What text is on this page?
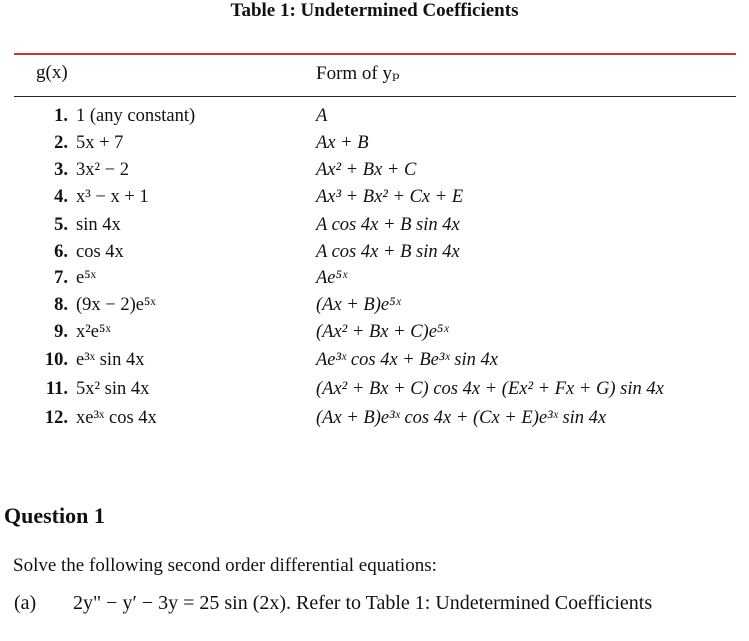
Table 1: Undetermined Coefficients
g(x)	Form of yₚ
1. 1 (any constant)	A
2. 5x + 7	Ax + B
3. 3x² − 2	Ax² + Bx + C
4. x³ − x + 1	Ax³ + Bx² + Cx + E
5. sin 4x	A cos 4x + B sin 4x
6. cos 4x	A cos 4x + B sin 4x
7. e⁵ˣ	Ae⁵ˣ
8. (9x − 2)e⁵ˣ	(Ax + B)e⁵ˣ
9. x²e⁵ˣ	(Ax² + Bx + C)e⁵ˣ
10. e³ˣ sin 4x	Ae³ˣ cos 4x + Be³ˣ sin 4x
11. 5x² sin 4x	(Ax² + Bx + C) cos 4x + (Ex² + Fx + G) sin 4x
12. xe³ˣ cos 4x	(Ax + B)e³ˣ cos 4x + (Cx + E)e³ˣ sin 4x
Question 1
Solve the following second order differential equations:
(a) 2y" − y′ − 3y = 25 sin (2x). Refer to Table 1: Undetermined Coefficients
